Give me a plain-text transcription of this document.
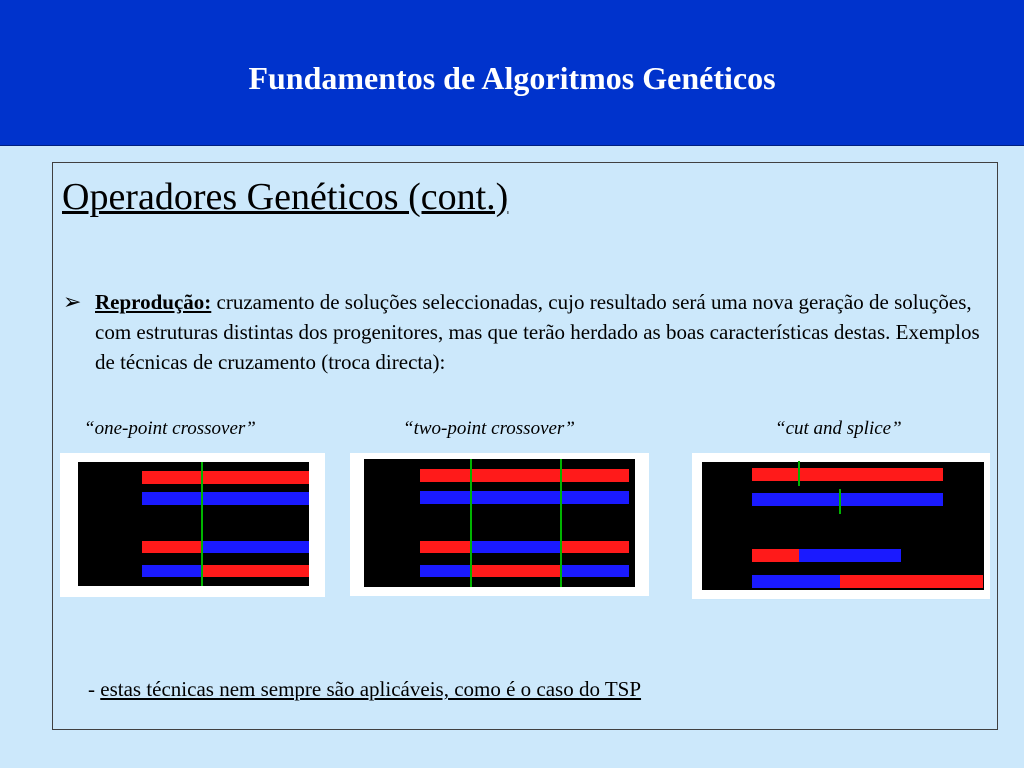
Fundamentos de Algoritmos Genéticos
Operadores Genéticos (cont.)
➢ Reprodução: cruzamento de soluções seleccionadas, cujo resultado será uma nova geração de soluções, com estruturas distintas dos progenitores, mas que terão herdado as boas características destas. Exemplos de técnicas de cruzamento (troca directa):
“one-point crossover”	“two-point crossover”	“cut and splice”
- estas técnicas nem sempre são aplicáveis, como é o caso do TSP
